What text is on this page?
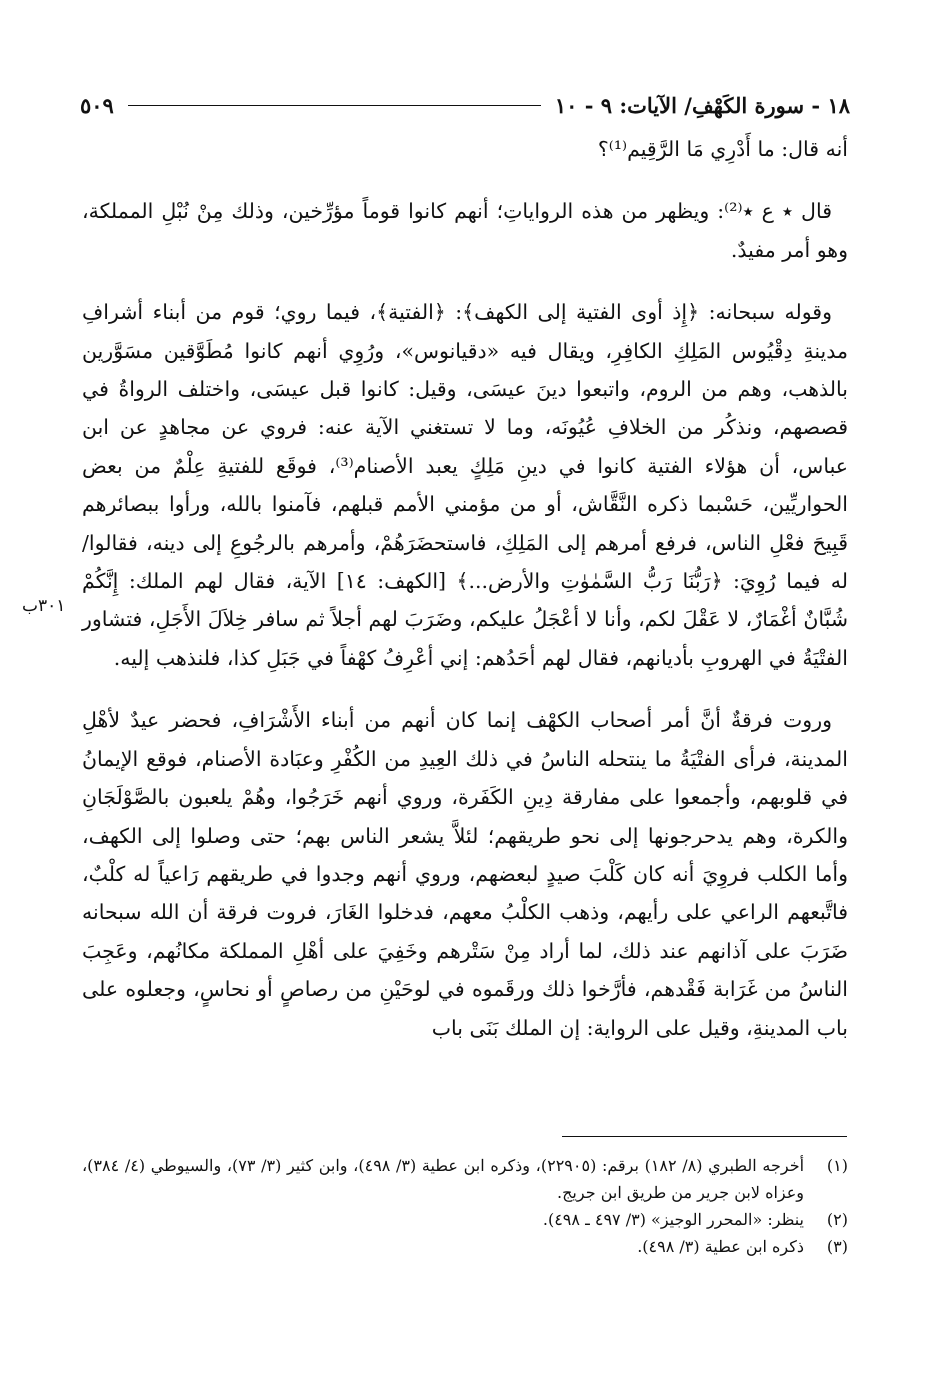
١٨ - سورة الكَهْفِ/ الآيات: ٩ - ١٠
٥٠٩
٣٠١ب

أنه قال: ما أَدْرِي مَا الرَّقِيم⁽¹⁾؟

قال ٭ ع ٭⁽²⁾: ويظهر من هذه الرواياتِ؛ أنهم كانوا قوماً مؤرِّخين، وذلك مِنْ نُبْلِ المملكة، وهو أمر مفيدٌ.

وقوله سبحانه: ﴿إِذ أوى الفتية إلى الكهف﴾: ﴿الفتية﴾، فيما روي؛ قوم من أبناء أشرافِ مدينةِ دِقْيُوس المَلِكِ الكافِرِ، ويقال فيه «دقيانوس»، ورُوِي أنهم كانوا مُطَوَّقين مسَوَّرين بالذهب، وهم من الروم، واتبعوا دينَ عيسَى، وقيل: كانوا قبل عيسَى، واختلف الرواةُ في قصصهم، ونذكُر من الخلافِ عُيُونَه، وما لا تستغني الآية عنه: فروي عن مجاهدٍ عن ابن عباس، أن هؤلاء الفتية كانوا في دينِ مَلِكٍ يعبد الأصنام⁽³⁾، فوقَع للفتيةِ عِلْمٌ من بعض الحواريِّين، حَسْبما ذكره النَّقَّاش، أو من مؤمني الأمم قبلهم، فآمنوا بالله، ورأوا ببصائرهم قَبِيحَ فعْلِ الناس، فرفع أمرهم إلى المَلِكِ، فاستحضَرَهُمْ، وأمرهم بالرجُوعِ إلى دينه، فقالوا/ له فيما رُوِيَ: ﴿رَبُّنَا رَبُّ السَّمٰوٰتِ والأرض...﴾ [الكهف: ١٤] الآية، فقال لهم الملك: إِنَّكُمْ شُبَّانٌ أغْمَارٌ، لا عَقْلَ لكم، وأنا لا أعْجَلُ عليكم، وضَرَبَ لهم أجلاً ثم سافر خِلاَلَ الأَجَلِ، فتشاور الفتْيَةُ في الهروبِ بأديانهم، فقال لهم أحَدُهم: إني أعْرِفُ كهْفاً في جَبَلِ كذا، فلنذهب إليه.

وروت فرقةٌ أنَّ أمر أصحاب الكهْف إنما كان أنهم من أبناء الأَشْرَافِ، فحضر عيدٌ لأهْلِ المدينة، فرأى الفتْيَةُ ما ينتحله الناسُ في ذلك العِيدِ من الكُفْرِ وعبَادة الأصنام، فوقع الإيمانُ في قلوبهم، وأجمعوا على مفارقة دِينِ الكَفَرة، وروي أنهم خَرَجُوا، وهُمْ يلعبون بالصَّوْلَجَانِ والكرة، وهم يدحرجونها إلى نحو طريقهم؛ لئلاَّ يشعر الناس بهم؛ حتى وصلوا إلى الكهف، وأما الكلب فروِيَ أنه كان كَلْبَ صيدٍ لبعضهم، وروي أنهم وجدوا في طريقهم رَاعياً له كلْبٌ، فاتَّبعهم الراعي على رأيهم، وذهب الكلْبُ معهم، فدخلوا الغَارَ، فروت فرقة أن الله سبحانه ضَرَبَ على آذانهم عند ذلك، لما أراد مِنْ سَتْرهم وخَفِيَ على أهْلِ المملكة مكانُهم، وعَجِبَ الناسُ من غَرَابة فَقْدهم، فأرَّخوا ذلك ورقَموه في لوحَيْنِ من رصاصٍ أو نحاسٍ، وجعلوه على باب المدينةِ، وقيل على الرواية: إن الملك بَنَى باب

(١)
أخرجه الطبري (٨/ ١٨٢) برقم: (٢٢٩٠٥)، وذكره ابن عطية (٣/ ٤٩٨)، وابن كثير (٣/ ٧٣)، والسيوطي (٤/ ٣٨٤)، وعزاه لابن جرير من طريق ابن جريج.
(٢)
ينظر: «المحرر الوجيز» (٣/ ٤٩٧ ـ ٤٩٨).
(٣)
ذكره ابن عطية (٣/ ٤٩٨).
